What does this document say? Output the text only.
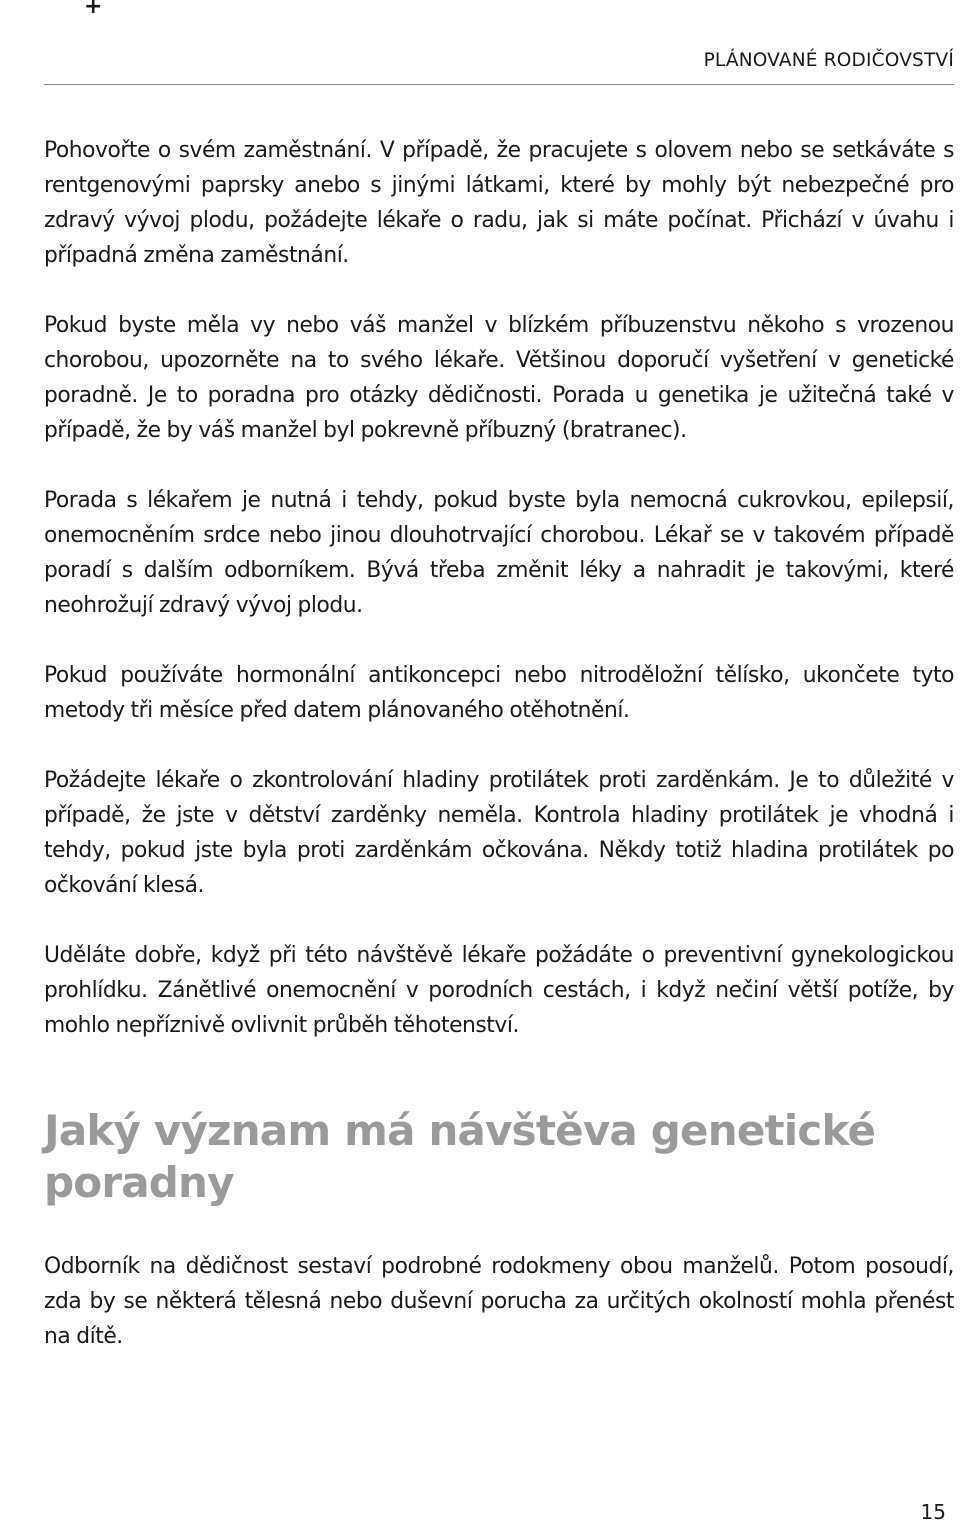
+
PLÁNOVANÉ RODIČOVSTVÍ

Pohovořte o svém zaměstnání. V případě, že pracujete s olovem nebo se setkáváte s rentgenovými paprsky anebo s jinými látkami, které by mohly být nebezpečné pro zdravý vývoj plodu, požádejte lékaře o radu, jak si máte počínat. Přichází v úvahu i případná změna zaměstnání.

Pokud byste měla vy nebo váš manžel v blízkém příbuzenstvu někoho s vrozenou chorobou, upozorněte na to svého lékaře. Většinou doporučí vyšetření v genetické poradně. Je to poradna pro otázky dědičnosti. Porada u genetika je užitečná také v případě, že by váš manžel byl pokrevně příbuzný (bratranec).

Porada s lékařem je nutná i tehdy, pokud byste byla nemocná cukrovkou, epilepsií, onemocněním srdce nebo jinou dlouhotrvající chorobou. Lékař se v takovém případě poradí s dalším odborníkem. Bývá třeba změnit léky a nahradit je takovými, které neohrožují zdravý vývoj plodu.

Pokud používáte hormonální antikoncepci nebo nitroděložní tělísko, ukončete tyto metody tři měsíce před datem plánovaného otěhotnění.

Požádejte lékaře o zkontrolování hladiny protilátek proti zarděnkám. Je to důležité v případě, že jste v dětství zarděnky neměla. Kontrola hladiny protilátek je vhodná i tehdy, pokud jste byla proti zarděnkám očkována. Někdy totiž hladina protilátek po očkování klesá.

Uděláte dobře, když při této návštěvě lékaře požádáte o preventivní gynekologickou prohlídku. Zánětlivé onemocnění v porodních cestách, i když nečiní větší potíže, by mohlo nepříznivě ovlivnit průběh těhotenství.

Jaký význam má návštěva genetické poradny

Odborník na dědičnost sestaví podrobné rodokmeny obou manželů. Potom posoudí, zda by se některá tělesná nebo duševní porucha za určitých okolností mohla přenést na dítě.

15
